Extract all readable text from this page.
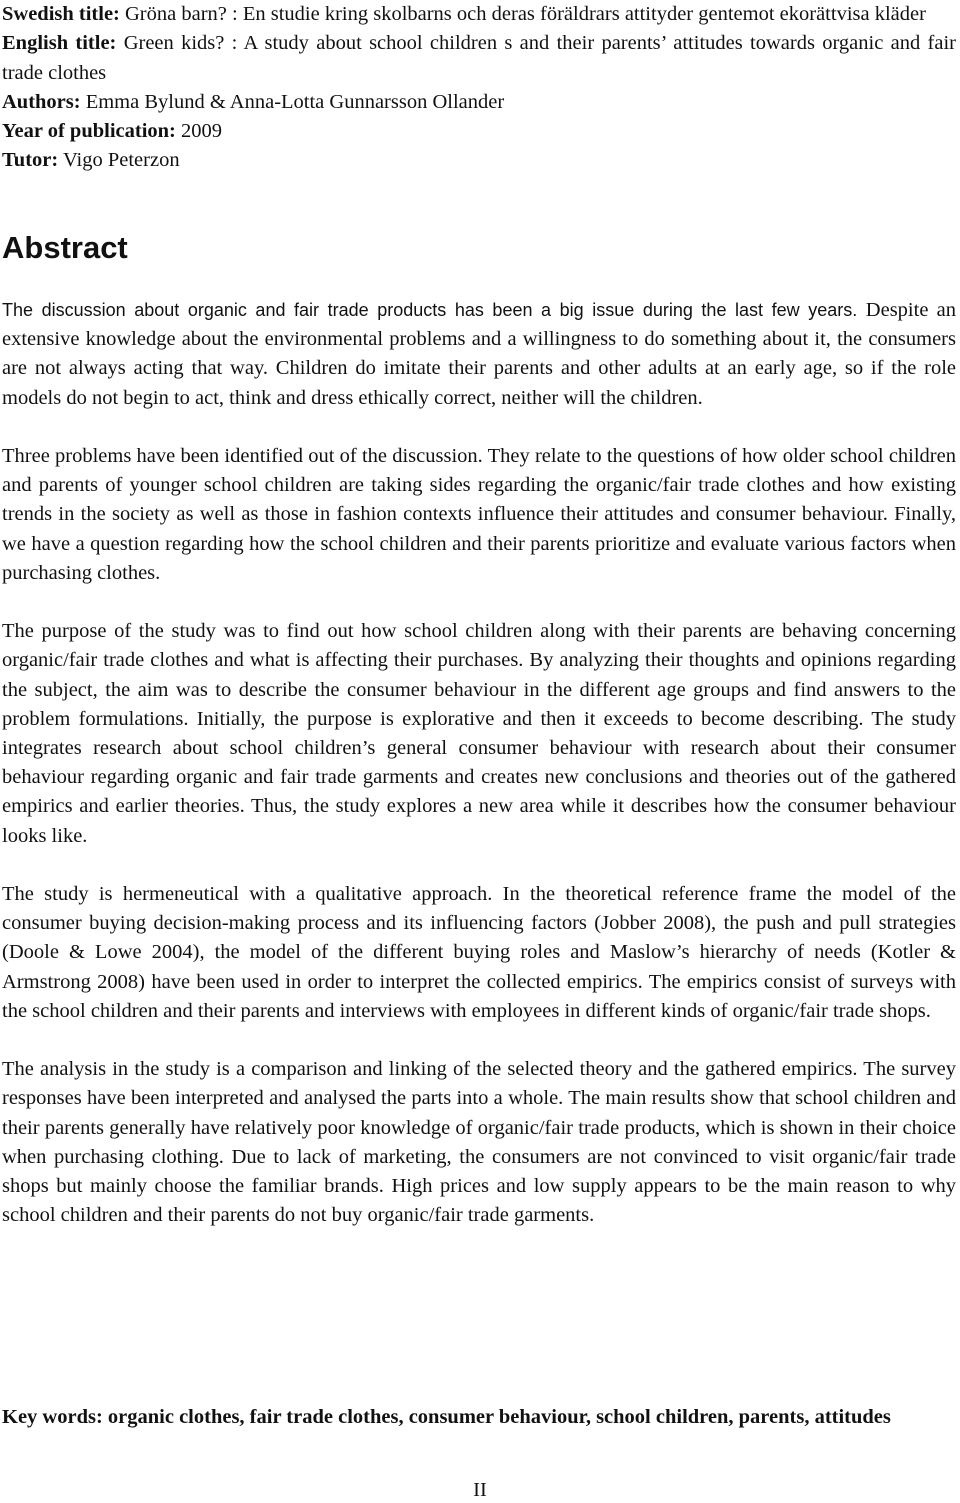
Swedish title: Gröna barn? : En studie kring skolbarns och deras föräldrars attityder gentemot ekorättvisa kläder

English title: Green kids? : A study about school children s and their parents’ attitudes towards organic and fair trade clothes

Authors: Emma Bylund & Anna-Lotta Gunnarsson Ollander

Year of publication: 2009

Tutor: Vigo Peterzon

Abstract

The discussion about organic and fair trade products has been a big issue during the last few years. Despite an extensive knowledge about the environmental problems and a willingness to do something about it, the consumers are not always acting that way. Children do imitate their parents and other adults at an early age, so if the role models do not begin to act, think and dress ethically correct, neither will the children.

Three problems have been identified out of the discussion. They relate to the questions of how older school children and parents of younger school children are taking sides regarding the organic/fair trade clothes and how existing trends in the society as well as those in fashion contexts influence their attitudes and consumer behaviour. Finally, we have a question regarding how the school children and their parents prioritize and evaluate various factors when purchasing clothes.

The purpose of the study was to find out how school children along with their parents are behaving concerning organic/fair trade clothes and what is affecting their purchases. By analyzing their thoughts and opinions regarding the subject, the aim was to describe the consumer behaviour in the different age groups and find answers to the problem formulations. Initially, the purpose is explorative and then it exceeds to become describing. The study integrates research about school children’s general consumer behaviour with research about their consumer behaviour regarding organic and fair trade garments and creates new conclusions and theories out of the gathered empirics and earlier theories. Thus, the study explores a new area while it describes how the consumer behaviour looks like.

The study is hermeneutical with a qualitative approach. In the theoretical reference frame the model of the consumer buying decision-making process and its influencing factors (Jobber 2008), the push and pull strategies (Doole & Lowe 2004), the model of the different buying roles and Maslow’s hierarchy of needs (Kotler & Armstrong 2008) have been used in order to interpret the collected empirics. The empirics consist of surveys with the school children and their parents and interviews with employees in different kinds of organic/fair trade shops.

The analysis in the study is a comparison and linking of the selected theory and the gathered empirics. The survey responses have been interpreted and analysed the parts into a whole. The main results show that school children and their parents generally have relatively poor knowledge of organic/fair trade products, which is shown in their choice when purchasing clothing. Due to lack of marketing, the consumers are not convinced to visit organic/fair trade shops but mainly choose the familiar brands. High prices and low supply appears to be the main reason to why school children and their parents do not buy organic/fair trade garments.

Key words: organic clothes, fair trade clothes, consumer behaviour, school children, parents, attitudes

II
